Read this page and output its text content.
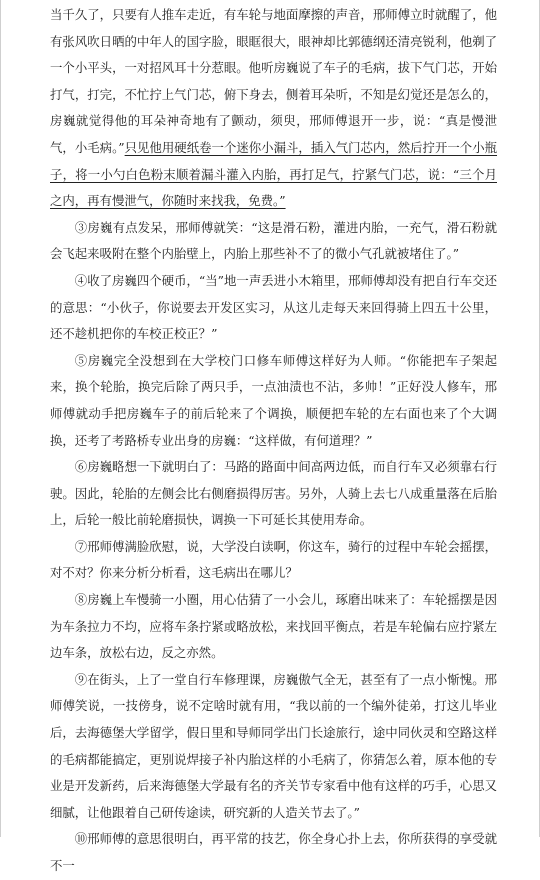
当千久了，只要有人推车走近，有车轮与地面摩擦的声音，邢师傅立时就醒了，他有张风吹日晒的中年人的国字脸，眼眶很大，眼神却比郭德纲还清亮锐利，他剃了一个小平头，一对招风耳十分惹眼。他听房巍说了车子的毛病，拔下气门芯，开始打气，打完，不忙拧上气门芯，俯下身去，侧着耳朵听，不知是幻觉还是怎么的，房巍就觉得他的耳朵神奇地有了颤动，须臾，邢师傅退开一步，说：“真是慢泄气，小毛病。”只见他用硬纸卷一个迷你小漏斗，插入气门芯内，然后拧开一个小瓶子，将一小勺白色粉末顺着漏斗灌入内胎，再打足气，拧紧气门芯，说：“三个月之内，再有慢泄气，你随时来找我，免费。”

③房巍有点发呆，邢师傅就笑：“这是滑石粉，灌进内胎，一充气，滑石粉就会飞起来吸附在整个内胎壁上，内胎上那些补不了的微小气孔就被堵住了。”

④收了房巍四个硬币，“当”地一声丢进小木箱里，邢师傅却没有把自行车交还的意思：“小伙子，你说要去开发区实习，从这儿走每天来回得骑上四五十公里，还不趁机把你的车校正校正？”

⑤房巍完全没想到在大学校门口修车师傅这样好为人师。“你能把车子架起来，换个轮胎，换完后除了两只手，一点油渍也不沾，多帅！”正好没人修车，邢师傅就动手把房巍车子的前后轮来了个调换，顺便把车轮的左右面也来了个大调换，还考了考路桥专业出身的房巍：“这样做，有何道理？”

⑥房巍略想一下就明白了：马路的路面中间高两边低，而自行车又必须靠右行驶。因此，轮胎的左侧会比右侧磨损得厉害。另外，人骑上去七八成重量落在后胎上，后轮一般比前轮磨损快，调换一下可延长其使用寿命。

⑦邢师傅满脸欣慰，说，大学没白读啊，你这车，骑行的过程中车轮会摇摆，对不对？你来分析分析看，这毛病出在哪儿？

⑧房巍上车慢骑一小圈，用心估猜了一小会儿，琢磨出味来了：车轮摇摆是因为车条拉力不均，应将车条拧紧或略放松，来找回平衡点，若是车轮偏右应拧紧左边车条，放松右边，反之亦然。

⑨在街头，上了一堂自行车修理课，房巍傲气全无，甚至有了一点小惭愧。邢师傅笑说，一技傍身，说不定啥时就有用，“我以前的一个编外徒弟，打这儿毕业后，去海德堡大学留学，假日里和导师同学出门长途旅行，途中同伙灵和空路这样的毛病都能搞定，更别说焊接子补内胎这样的小毛病了，你猜怎么着，原本他的专业是开发新药，后来海德堡大学最有名的齐关节专家看中他有这样的巧手，心思又细腻，让他跟着自己研传途读，研究新的人造关节去了。”

⑩邢师傅的意思很明白，再平常的技艺，你全身心扑上去，你所获得的享受就不一
